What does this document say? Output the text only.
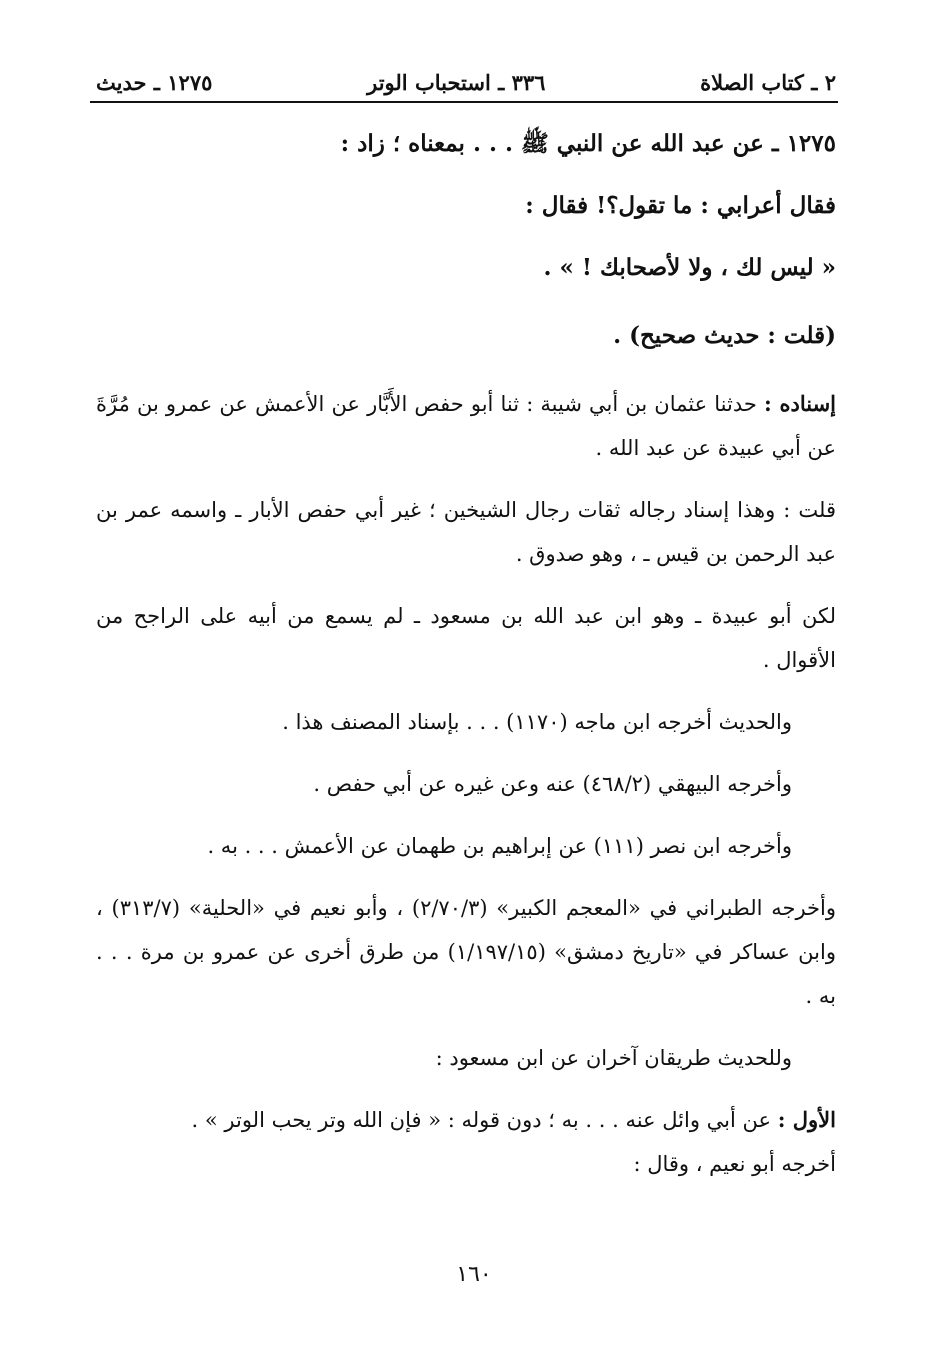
٢ ـ كتاب الصلاة
٣٣٦ ـ استحباب الوتر
١٢٧٥ ـ حديث

١٢٧٥ ـ عن عبد الله عن النبي ﷺ . . . بمعناه ؛ زاد :

فقال أعرابي : ما تقول؟! فقال :

« ليس لك ، ولا لأصحابك ! » .

(قلت : حديث صحيح) .

إسناده : حدثنا عثمان بن أبي شيبة : ثنا أبو حفص الأَبَّار عن الأعمش عن عمرو بن مُرَّةَ عن أبي عبيدة عن عبد الله .

قلت : وهذا إسناد رجاله ثقات رجال الشيخين ؛ غير أبي حفص الأبار ـ واسمه عمر بن عبد الرحمن بن قيس ـ ، وهو صدوق .

لكن أبو عبيدة ـ وهو ابن عبد الله بن مسعود ـ لم يسمع من أبيه على الراجح من الأقوال .

والحديث أخرجه ابن ماجه (١١٧٠) . . . بإسناد المصنف هذا .

وأخرجه البيهقي (٤٦٨/٢) عنه وعن غيره عن أبي حفص .

وأخرجه ابن نصر (١١١) عن إبراهيم بن طهمان عن الأعمش . . . به .

وأخرجه الطبراني في «المعجم الكبير» (٢/٧٠/٣) ، وأبو نعيم في «الحلية» (٣١٣/٧) ، وابن عساكر في «تاريخ دمشق» (١/١٩٧/١٥) من طرق أخرى عن عمرو بن مرة . . . به .

وللحديث طريقان آخران عن ابن مسعود :

الأول : عن أبي وائل عنه . . . به ؛ دون قوله : « فإن الله وتر يحب الوتر » .

أخرجه أبو نعيم ، وقال :

١٦٠
